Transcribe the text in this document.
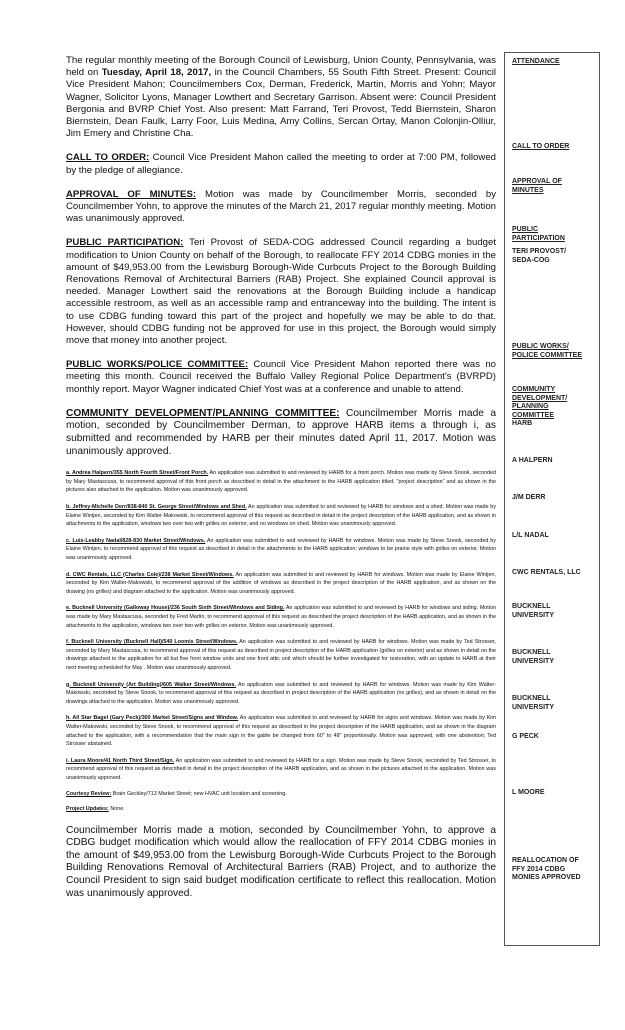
The regular monthly meeting of the Borough Council of Lewisburg, Union County, Pennsylvania, was held on Tuesday, April 18, 2017, in the Council Chambers, 55 South Fifth Street. Present: Council Vice President Mahon; Councilmembers Cox, Derman, Frederick, Martin, Morris and Yohn; Mayor Wagner, Solicitor Lyons, Manager Lowthert and Secretary Garrison. Absent were: Council President Bergonia and BVRP Chief Yost. Also present: Matt Farrand, Teri Provost, Tedd Biernstein, Sharon Biernstein, Dean Faulk, Larry Foor, Luis Medina, Amy Collins, Sercan Ortay, Manon Colonjin-Olliur, Jim Emery and Christine Cha.

CALL TO ORDER: Council Vice President Mahon called the meeting to order at 7:00 PM, followed by the pledge of allegiance.

APPROVAL OF MINUTES: Motion was made by Councilmember Morris, seconded by Councilmember Yohn, to approve the minutes of the March 21, 2017 regular monthly meeting. Motion was unanimously approved.

PUBLIC PARTICIPATION: Teri Provost of SEDA-COG addressed Council regarding a budget modification to Union County on behalf of the Borough, to reallocate FFY 2014 CDBG monies in the amount of $49,953.00 from the Lewisburg Borough-Wide Curbcuts Project to the Borough Building Renovations Removal of Architectural Barriers (RAB) Project. She explained Council approval is needed. Manager Lowthert said the renovations at the Borough Building include a handicap accessible restroom, as well as an accessible ramp and entranceway into the building. The intent is to use CDBG funding toward this part of the project and hopefully we may be able to do that. However, should CDBG funding not be approved for use in this project, the Borough would simply move that money into another project.

PUBLIC WORKS/POLICE COMMITTEE: Council Vice President Mahon reported there was no meeting this month. Council received the Buffalo Valley Regional Police Department's (BVRPD) monthly report. Mayor Wagner indicated Chief Yost was at a conference and unable to attend.

COMMUNITY DEVELOPMENT/PLANNING COMMITTEE: Councilmember Morris made a motion, seconded by Councilmember Derman, to approve HARB items a through i, as submitted and recommended by HARB per their minutes dated April 11, 2017. Motion was unanimously approved.

a. Andrea Halpern/355 North Fourth Street/Front Porch. An application was submitted to and reviewed by HARB for a front porch. Motion was made by Steve Snook, seconded by Mary Mastascusa, to recommend approval of this front porch as described in detail in the attachment to the HARB application titled, "project description" and as shown in the pictures also attached to the application. Motion was unanimously approved.

b. Jeffrey-Michelle Derr/838-840 St. George Street/Windows and Shed. An application was submitted to and reviewed by HARB for windows and a shed. Motion was made by Elaine Wintjen, seconded by Kim Walter-Makowski, to recommend approval of this request as described in detail in the project description of the HARB application, and as shown in attachments to the application, windows two over two with grilles on exterior, and no windows on shed. Motion was unanimously approved.

c. Luis-Leabby Nadal/828-830 Market Street/Windows. An application was submitted to and reviewed by HARB for windows. Motion was made by Steve Snook, seconded by Elaine Wintjen, to recommend approval of this request as described in detail in the attachments to the HARB application; windows to be prairie style with grilles on exterior. Motion was unanimously approved.

d. CWC Rentals, LLC (Charles Cole)/238 Market Street/Windows. An application was submitted to and reviewed by HARB for windows. Motion was made by Elaine Wintjen, seconded by Kim Walter-Makowski, to recommend approval of the addition of windows as described in the project description of the HARB application, and as shown on the drawing (no grilles) and diagram attached to the application. Motion was unanimously approved.

e. Bucknell University (Galloway House)/236 South Sixth Street/Windows and Siding. An application was submitted to and reviewed by HARB for windows and siding. Motion was made by Mary Mastascusa, seconded by Fred Martin, to recommend approval of this request as described the project description of the HARB application, and as shown in the attachments to the application, windows two over two with grilles on exterior. Motion was unanimously approved.

f. Bucknell University (Bucknell Hall)/540 Loomis Street/Windows. An application was submitted to and reviewed by HARB for windows. Motion was made by Ted Strosser, seconded by Mary Mastascusa, to recommend approval of this request as described in project description of the HARB application (grilles on exterior) and as shown in detail on the drawings attached to the application for all but five front window units and one front attic unit which should be further investigated for restoration, with an update to HARB at their next meeting scheduled for May . Motion was unanimously approved.

g. Bucknell University (Art Building)/605 Walker Street/Windows. An application was submitted to and reviewed by HARB for windows. Motion was made by Kim Walter-Makowski, seconded by Steve Snook, to recommend approval of this request as described in project description of the HARB application (no grilles), and as shown in detail on the drawings attached to the application. Motion was unanimously approved.

h. All Star Bagel (Gary Peck)/300 Market Street/Signs and Window. An application was submitted to and reviewed by HARB for signs and windows. Motion was made by Kim Walter-Makowski, seconded by Steve Snook, to recommend approval of this request as described in the project description of the HARB application, and as shown in the diagram attached to the application, with a recommendation that the main sign in the gable be changed from 60" to 48" proportionally. Motion was approved, with one abstention; Ted Strosser abstained.

i. Laura Moore/41 North Third Street/Sign. An application was submitted to and reviewed by HARB for a sign. Motion was made by Steve Snook, seconded by Ted Strosser, to recommend approval of this request as described in detail in the project description of the HARB application, and as shown in the pictures attached to the application. Motion was unanimously approved.

Courtesy Review: Brain Geckley/713 Market Street; new HVAC unit location and screening.

Project Updates: None.

Councilmember Morris made a motion, seconded by Councilmember Yohn, to approve a CDBG budget modification which would allow the reallocation of FFY 2014 CDBG monies in the amount of $49,953.00 from the Lewisburg Borough-Wide Curbcuts Project to the Borough Building Renovations Removal of Architectural Barriers (RAB) Project, and to authorize the Council President to sign said budget modification certificate to reflect this reallocation. Motion was unanimously approved.

ATTENDANCE
CALL TO ORDER
APPROVAL OF
MINUTES
PUBLIC
PARTICIPATION
TERI PROVOST/
SEDA-COG
PUBLIC WORKS/
POLICE COMMITTEE
COMMUNITY
DEVELOPMENT/
PLANNING
COMMITTEE
HARB
A HALPERN
J/M DERR
L/L NADAL
CWC RENTALS, LLC
BUCKNELL
UNIVERSITY
BUCKNELL
UNIVERSITY
BUCKNELL
UNIVERSITY
G PECK
L MOORE
REALLOCATION OF
FFY 2014 CDBG
MONIES APPROVED
